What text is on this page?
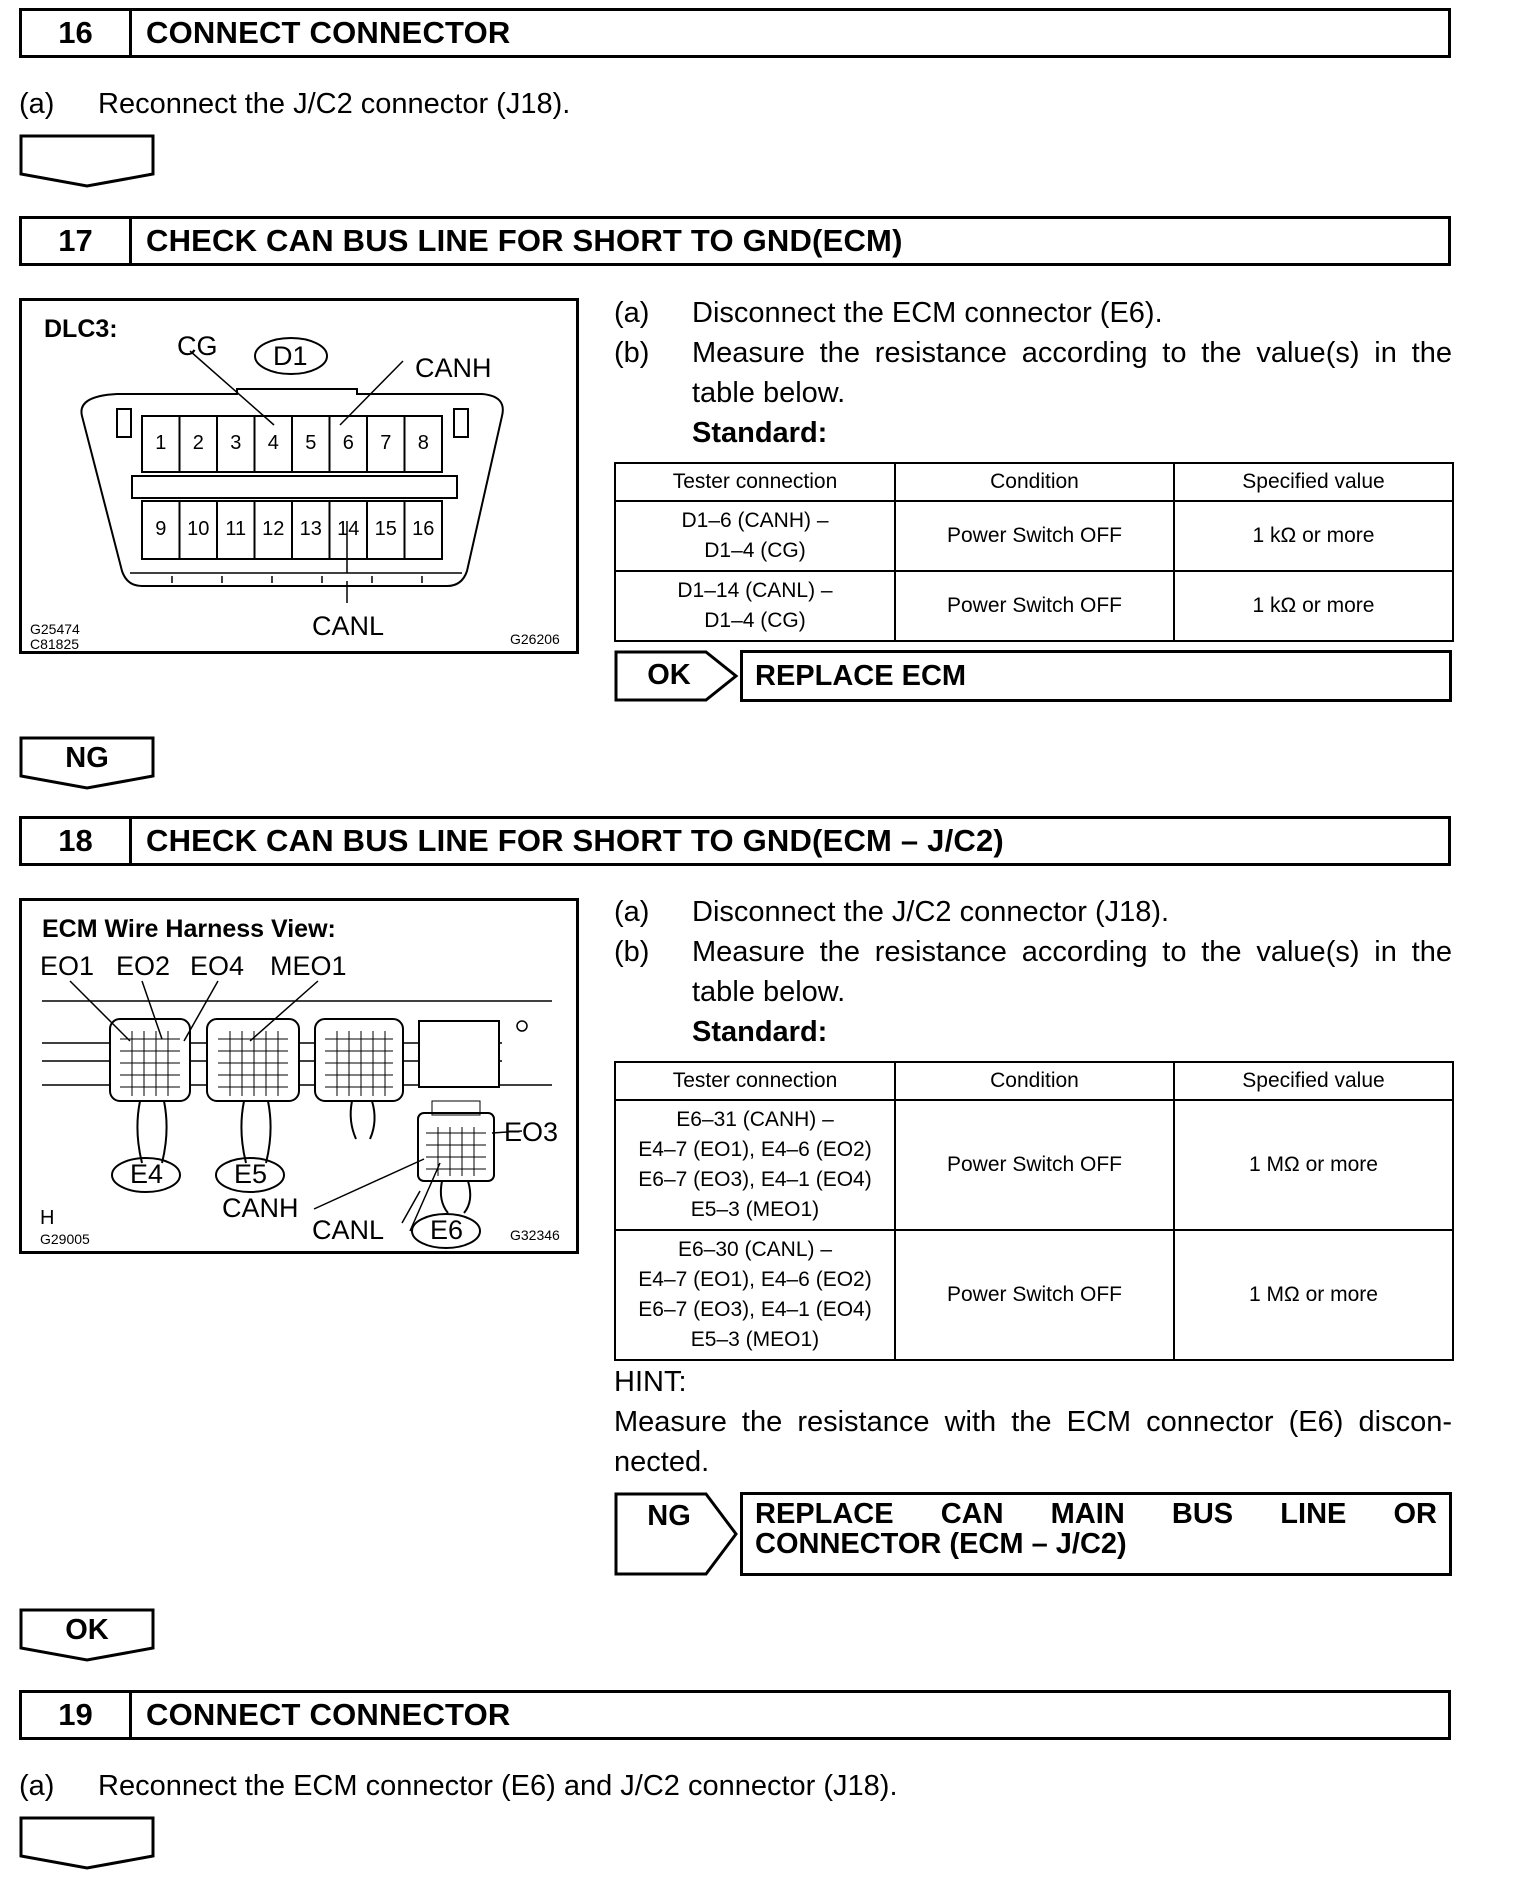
16	CONNECT CONNECTOR
(a) Reconnect the J/C2 connector (J18).
17	CHECK CAN BUS LINE FOR SHORT TO GND(ECM)
DLC3:
CG D1	CANH
CANL
G25474
C81825	G26206
1	2	3	4	5	6	7	8
9	10 11 12 13 14 15 16
(a) Disconnect the ECM connector (E6).
(b) Measure the resistance according to the value(s) in the
table below.
Standard:
Tester connection	Condition	Specified value
D1–6 (CANH) –
D1–4 (CG)	Power Switch OFF	1 kΩ or more
D1–14 (CANL) –
D1–4 (CG)	Power Switch OFF	1 kΩ or more
OK	REPLACE ECM
NG
18	CHECK CAN BUS LINE FOR SHORT TO GND(ECM – J/C2)
ECM Wire Harness View:
EO1 EO2 EO4 MEO1
EO3
E4	E5
E6
CANH
CANL
H
G29005	G32346
(a) Disconnect the J/C2 connector (J18).
(b) Measure the resistance according to the value(s) in the
table below.
Standard:
Tester connection	Condition	Specified value
E6–31 (CANH) –
E4–7 (EO1), E4–6 (EO2)
E6–7 (EO3), E4–1 (EO4)
E5–3 (MEO1)	Power Switch OFF	1 MΩ or more
E6–30 (CANL) –
E4–7 (EO1), E4–6 (EO2)
E6–7 (EO3), E4–1 (EO4)
E5–3 (MEO1)	Power Switch OFF	1 MΩ or more
HINT:
Measure the resistance with the ECM connector (E6) discon-
nected.
NG	REPLACE CAN MAIN BUS LINE OR
CONNECTOR (ECM – J/C2)
OK
19	CONNECT CONNECTOR
(a) Reconnect the ECM connector (E6) and J/C2 connector (J18).
